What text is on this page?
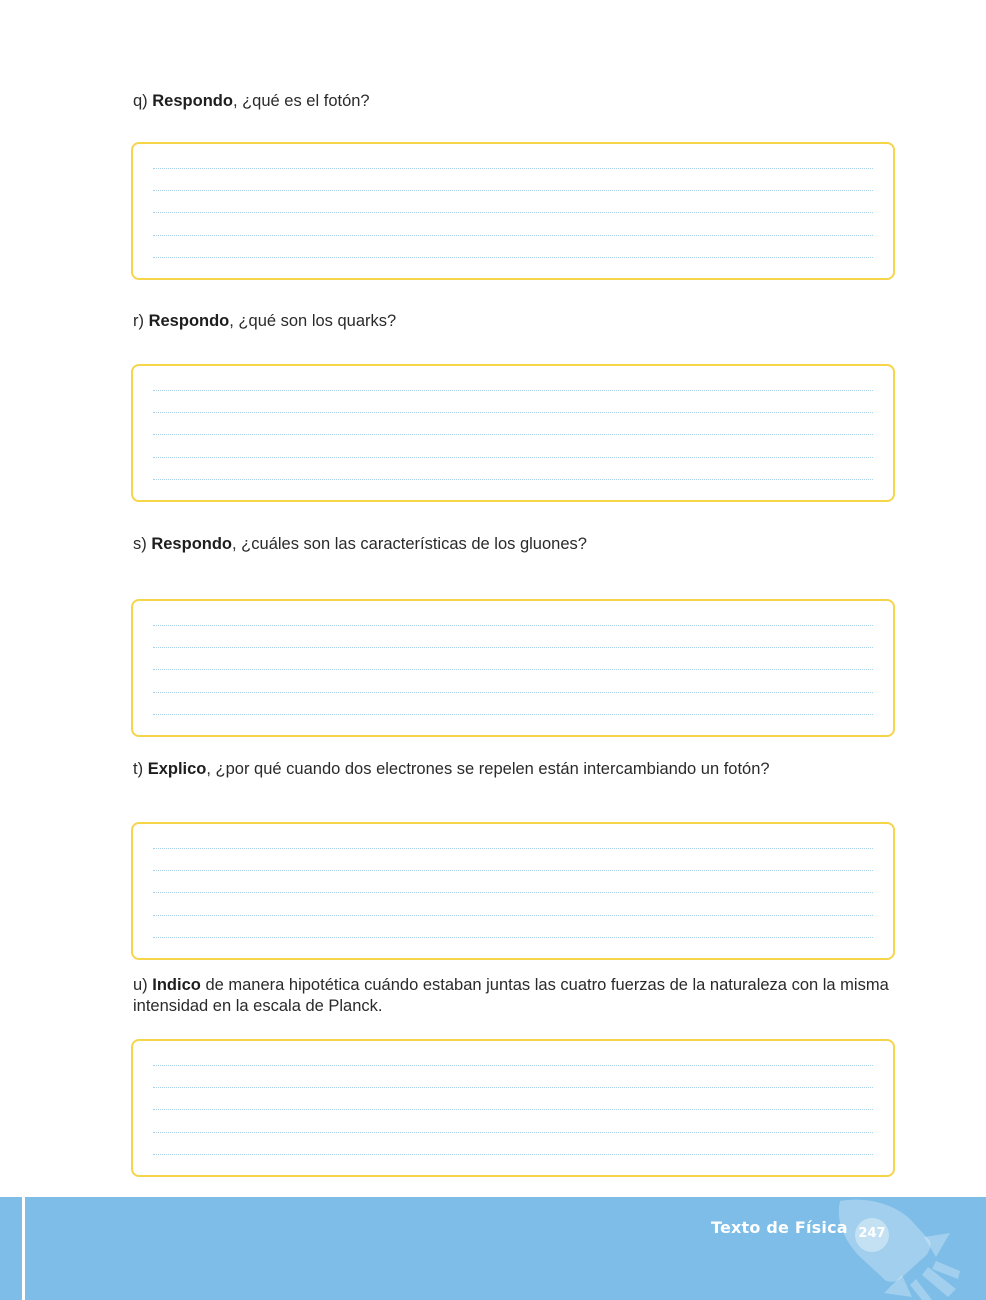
q) Respondo, ¿qué es el fotón?
r) Respondo, ¿qué son los quarks?
s) Respondo, ¿cuáles son las características de los gluones?
t) Explico, ¿por qué cuando dos electrones se repelen están intercambiando un fotón?
u) Indico de manera hipotética cuándo estaban juntas las cuatro fuerzas de la naturaleza con la misma intensidad en la escala de Planck.
Texto de Física 247
